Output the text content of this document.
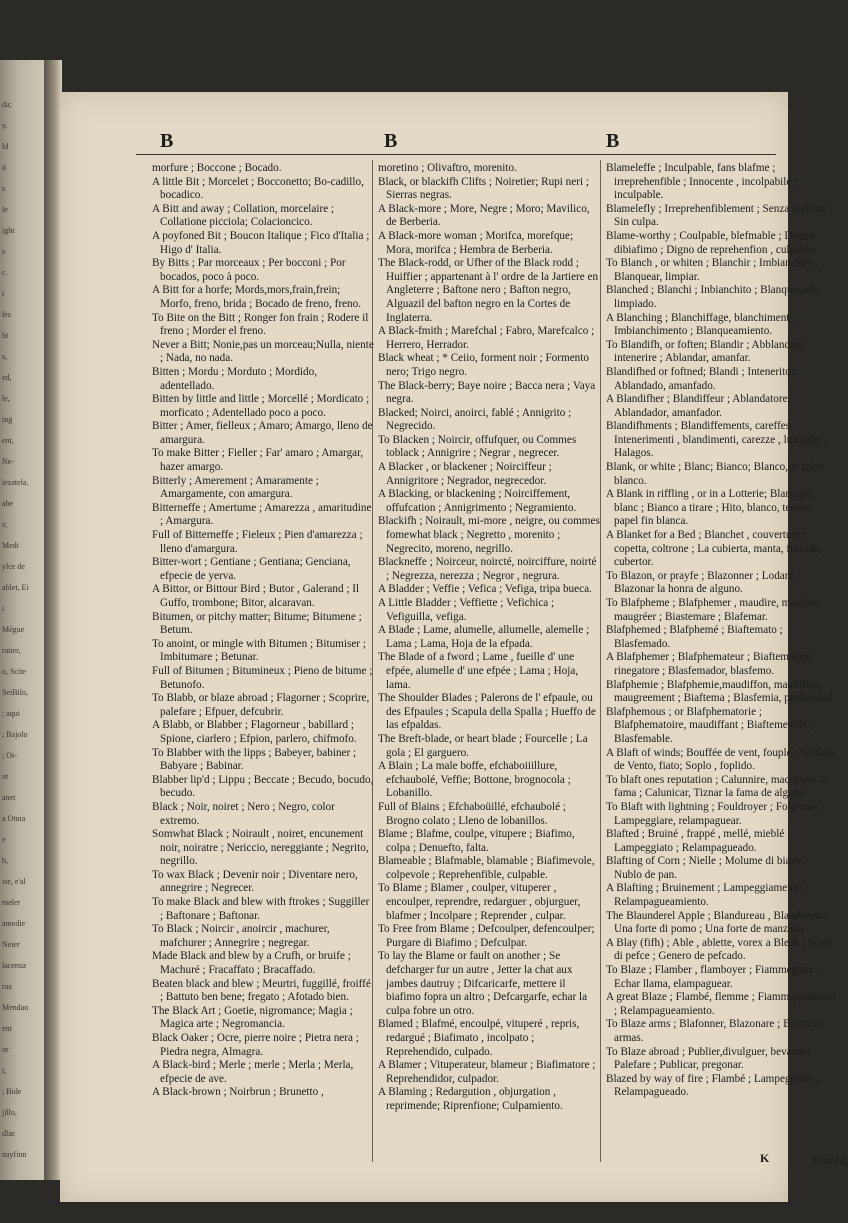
da;
y.
ld
ii
s
le
ight
s
c.
t
les
ht
s,
ed,
le,
ing
ent,
Ne-
iezatela.
abe
s;
Medi
ylce de
ablet, Ei
i
Mégue
ratier,
o, Scite
SeiBilo,
; aqui
; Bajolo
; Oi-
nt
anet
a Otnia
e
b,
sie, e'al
meler
amedie
Neier
lacenuz
raa
Mendan
ent
or
i,
; Bide
jillo,
dlac
nayfinn
B	B	B
morfure ; Boccone ; Bocado.
A little Bit ; Morcelet ; Bocconetto; Bo-cadillo, bocadico.
A Bitt and away ; Collation, morcelaire ; Collatione picciola; Colacioncico.
A poyfoned Bit ; Boucon Italique ; Fico d'Italia ; Higo d' Italia.
By Bitts ; Par morceaux ; Per bocconi ; Por bocados, poco à poco.
A Bitt for a horfe; Mords,mors,frain,frein; Morfo, freno, brida ; Bocado de freno, freno.
To Bite on the Bitt ; Ronger fon frain ; Rodere il freno ; Morder el freno.
Never a Bitt; Nonie,pas un morceau;Nulla, niente ; Nada, no nada.
Bitten ; Mordu ; Morduto ; Mordido, adentellado.
Bitten by little and little ; Morcellé ; Mordicato ; morficato ; Adentellado poco a poco.
Bitter ; Amer, fielleux ; Amaro; Amargo, lleno de amargura.
To make Bitter ; Fieller ; Far' amaro ; Amargar, hazer amargo.
Bitterly ; Amerement ; Amaramente ; Amargamente, con amargura.
Bitterneffe ; Amertume ; Amarezza , amaritudine ; Amargura.
Full of Bitterneffe ; Fieleux ; Pien d'amarezza ; lleno d'amargura.
Bitter-wort ; Gentiane ; Gentiana; Genciana, efpecie de yerva.
A Bittor, or Bittour Bird ; Butor , Galerand ; Il Guffo, trombone; Bitor, alcaravan.
Bitumen, or pitchy matter; Bitume; Bitumene ; Betum.
To anoint, or mingle with Bitumen ; Bitumiser ; Imbitumare ; Betunar.
Full of Bitumen ; Bitumineux ; Pieno de bitume ; Betunofo.
To Blabb, or blaze abroad ; Flagorner ; Scoprire, palefare ; Efpuer, defcubrir.
A Blabb, or Blabber ; Flagorneur , babillard ; Spione, ciarlero ; Efpion, parlero, chifmofo.
To Blabber with the lipps ; Babeyer, babiner ; Babyare ; Babinar.
Blabber lip'd ; Lippu ; Beccate ; Becudo, bocudo, becudo.
Black ; Noir, noiret ; Nero ; Negro, color extremo.
Somwhat Black ; Noirault , noiret, encunement noir, noiratre ; Nericcio, nereggiante ; Negrito, negrillo.
To wax Black ; Devenir noir ; Diventare nero, annegrire ; Negrecer.
To make Black and blew with ftrokes ; Suggiller ; Baftonare ; Baftonar.
To Black ; Noircir , anoircir , machurer, mafchurer ; Annegrire ; negregar.
Made Black and blew by a Crufh, or bruife ; Machuré ; Fracaffato ; Bracaffado.
Beaten black and blew ; Meurtri, fuggillé, froiffé ; Battuto ben bene; fregato ; Afotado bien.
The Black Art ; Goetie, nigromance; Magia ; Magica arte ; Negromancia.
Black Oaker ; Ocre, pierre noire ; Pietra nera ; Piedra negra, Almagra.
A Black-bird ; Merle ; merle ; Merla ; Merla, efpecie de ave.
A Black-brown ; Noirbrun ; Brunetto ,
moretino ; Olivaftro, morenito.
Black, or blackifh Clifts ; Noiretier; Rupi neri ; Sierras negras.
A Black-more ; More, Negre ; Moro; Mavilico, de Berberia.
A Black-more woman ; Morifca, morefque; Mora, morifca ; Hembra de Berberia.
The Black-rodd, or Ufher of the Black rodd ; Huiffier ; appartenant à l' ordre de la Jartiere en Angleterre ; Baftone nero ; Bafton negro, Alguazil del bafton negro en la Cortes de Inglaterra.
A Black-fmith ; Marefchal ; Fabro, Marefcalco ; Herrero, Herrador.
Black wheat ; * Ceiio, forment noir ; Formento nero; Trigo negro.
The Black-berry; Baye noire ; Bacca nera ; Vaya negra.
Blacked; Noirci, anoirci, fablé ; Annigrito ; Negrecido.
To Blacken ; Noircir, offufquer, ou Commes toblack ; Annigrire ; Negrar , negrecer.
A Blacker , or blackener ; Noirciffeur ; Annigritore ; Negrador, negrecedor.
A Blacking, or blackening ; Noirciffement, offufcation ; Annigrimento ; Negramiento.
Blackifh ; Noirault, mi-more , neigre, ou commes fomewhat black ; Negretto , morenito ; Negrecito, moreno, negrillo.
Blackneffe ; Noirceur, noircté, noirciffure, noirté ; Negrezza, nerezza ; Negror , negrura.
A Bladder ; Veffie ; Vefica ; Vefiga, tripa bueca.
A Little Bladder ; Veffiette ; Vefichica ; Vefiguilla, vefiga.
A Blade ; Lame, alumelle, allumelle, alemelle ; Lama ; Lama, Hoja de la efpada.
The Blade of a fword ; Lame , fueille d' une efpée, alumelle d' une efpée ; Lama ; Hoja, lama.
The Shoulder Blades ; Palerons de l' efpaule, ou des Efpaules ; Scapula della Spalla ; Hueffo de las efpaldas.
The Breft-blade, or heart blade ; Fourcelle ; La gola ; El garguero.
A Blain ; La male boffe, efchaboiiillure, efchaubolé, Veffie; Bottone, brognocola ; Lobanillo.
Full of Blains ; Efchaboüillé, efchaubolé ; Brogno colato ; Lleno de lobanillos.
Blame ; Blafme, coulpe, vitupere ; Biafimo, colpa ; Denuefto, falta.
Blameable ; Blafmable, blamable ; Biafimevole, colpevole ; Reprehenfible, culpable.
To Blame ; Blamer , coulper, vituperer , encoulper, reprendre, redarguer , objurguer, blafmer ; Incolpare ; Reprender , culpar.
To Free from Blame ; Defcoulper, defencoulper; Purgare di Biafimo ; Defculpar.
To lay the Blame or fault on another ; Se defcharger fur un autre , Jetter la chat aux jambes dautruy ; Difcaricarfe, mettere il biafimo fopra un altro ; Defcargarfe, echar la culpa fobre un otro.
Blamed ; Blafmé, encoulpé, vituperé , repris, redargué ; Biafimato , incolpato ; Reprehendido, culpado.
A Blamer ; Vituperateur, blameur ; Biafimatore ; Reprehendidor, culpador.
A Blaming ; Redargution , objurgation , reprimende; Riprenfione; Culpamiento.
Blameleffe ; Inculpable, fans blafme ; irreprehenfible ; Innocente , incolpabile ; inculpable.
Blamelefly ; Irreprehenfiblement ; Senza biafimo ; Sin culpa.
Blame-worthy ; Coulpable, blefmable ; Degno dibiafimo ; Digno de reprehenfion , culpable.
To Blanch , or whiten ; Blanchir ; Imbianchire ; Blanquear, limpiar.
Blanched ; Blanchi ; Inbianchito ; Blanquecado, limpiado.
A Blanching ; Blanchiffage, blanchiment ; Imbianchimento ; Blanqueamiento.
To Blandifh, or foften; Blandir ; Abblandare, intenerire ; Ablandar, amanfar.
Blandifhed or foftned; Blandi ; Intenerito; Ablandado, amanfado.
A Blandifher ; Blandiffeur ; Ablandatore; Ablandador, amanfador.
Blandifhments ; Blandiffements, careffes; Intenerimenti , blandimenti, carezze , lufinghe ; Halagos.
Blank, or white ; Blanc; Bianco; Blanco,de color blanco.
A Blank in riffling , or in a Lotterie; Blancque, blanc ; Bianco a tirare ; Hito, blanco, terrero, papel fin blanca.
A Blanket for a Bed ; Blanchet , couverture ; copetta, coltrone ; La cubierta, manta, frazada, cubertor.
To Blazon, or prayfe ; Blazonner ; Lodare ; Blazonar la honra de alguno.
To Blafpheme ; Blafphemer , maudire, maudire, maugréer ; Biastemare ; Blafemar.
Blafphemed ; Blafphemé ; Biaftemato ; Blasfemado.
A Blafphemer ; Blafphemateur ; Biaftematore, rinegatore ; Blasfemador, blasfemo.
Blafphemie ; Blafphemie,maudiffon, maudiffon, maugreement ; Biaftema ; Blasfemia, profanidad.
Blafphemous ; or Blafphematorie ; Blafphematoire, maudiffant ; Biaftemevole ; Blasfemable.
A Blaft of winds; Bouffée de vent, fouple ; Soffiata de Vento, fiato; Soplo , foplido.
To blaft ones reputation ; Calunnire, macchiare la fama ; Calunicar, Tiznar la fama de alguno.
To Blaft with lightning ; Fouldroyer ; Folgorare ; Lampeggiare, relampaguear.
Blafted ; Bruiné , frappé , mellé, mieblé ; Lampeggiato ; Relampagueado.
Blafting of Corn ; Nielle ; Molume di biave ; Nublo de pan.
A Blafting ; Bruinement ; Lampeggiamento ; Relampagueamiento.
The Blaunderel Apple ; Blandureau , Blandurell ; Una forte di pomo ; Una forte de manzana.
A Blay (fifh) ; Able , ablette, vorex a Bleak ; Sorte di pefce ; Genero de pefcado.
To Blaze ; Flamber , flamboyer ; Fiammegiare ; Echar llama, elampaguear.
A great Blaze ; Flambé, flemme ; Fiammegiamento ; Relampagueamiento.
To Blaze arms ; Blafonner, Blazonare ; Blazonar armas.
To Blaze abroad ; Publier,divulguer, bevander ; Palefare ; Publicar, pregonar.
Blazed by way of fire ; Flambé ; Lampeggiato ; Relampagueado.
K	Blazed,
